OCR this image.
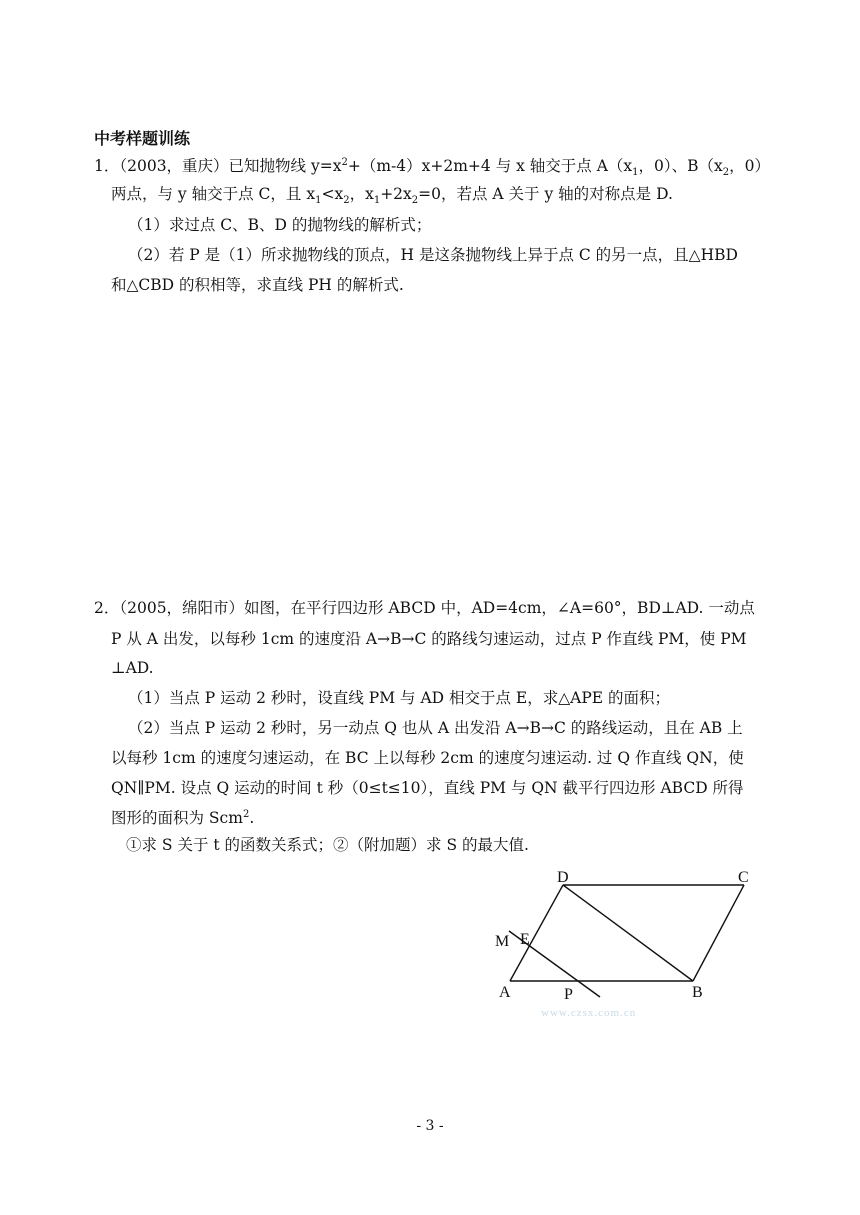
中考样题训练
1．（2003，重庆）已知抛物线 $y=x^2+(m-4)x+2m+4$ 与 x 轴交于点 $A(x_1$，0）、$B(x_2$，0）
两点，与 y 轴交于点 C，且 $x_1<x_2$，$x_1+2x_2=0$，若点 A 关于 y 轴的对称点是 D.
（1）求过点 C、B、D 的抛物线的解析式；
（2）若 P 是（1）所求抛物线的顶点，H 是这条抛物线上异于点 C 的另一点，且△HBD
和△CBD 的积相等，求直线 PH 的解析式.
2．（2005，绵阳市）如图，在平行四边形 ABCD 中，AD=4cm，∠A=60°，BD⊥AD. 一动点
P 从 A 出发，以每秒 1cm 的速度沿 A→B→C 的路线匀速运动，过点 P 作直线 PM，使 PM
⊥AD.
（1）当点 P 运动 2 秒时，设直线 PM 与 AD 相交于点 E，求△APE 的面积；
（2）当点 P 运动 2 秒时，另一动点 Q 也从 A 出发沿 A→B→C 的路线运动，且在 AB 上
以每秒 1cm 的速度匀速运动，在 BC 上以每秒 2cm 的速度匀速运动. 过 Q 作直线 QN，使
QN∥PM. 设点 Q 运动的时间 t 秒（0≤t≤10），直线 PM 与 QN 截平行四边形 ABCD 所得
图形的面积为 Scm$^2$.
①求 S 关于 t 的函数关系式；②（附加题）求 S 的最大值.
D	C
M E
A	P	B
www.czsx.com.cn
- 3 -
